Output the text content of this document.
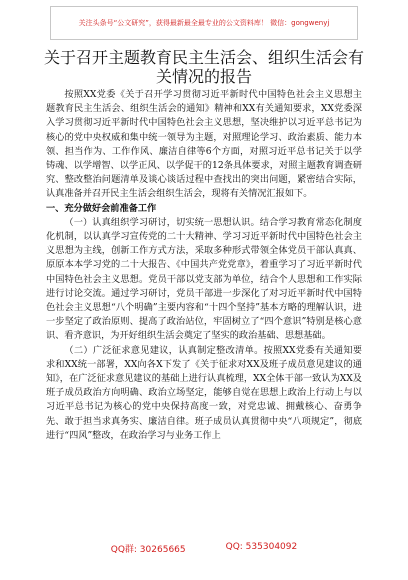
关注头条号“公文研究”，获得最新最全最专业的公文资料库！ 微信：gongwenyj
关于召开主题教育民主生活会、组织生活会有关情况的报告

按照XX党委《关于召开学习贯彻习近平新时代中国特色社会主义思想主题教育民主生活会、组织生活会的通知》精神和XX有关通知要求，XX党委深入学习贯彻习近平新时代中国特色社会主义思想，坚决维护以习近平总书记为核心的党中央权威和集中统一领导为主题，对照理论学习、政治素质、能力本领、担当作为、工作作风、廉洁自律等6个方面，对照习近平总书记关于以学铸魂、以学增智、以学正风、以学促干的12条具体要求，对照主题教育调查研究、整改整治问题清单及谈心谈话过程中查找出的突出问题，紧密结合实际，认真准备并召开民主生活会组织生活会，现将有关情况汇报如下。

一、充分做好会前准备工作

（一）认真组织学习研讨，切实统一思想认识。结合学习教育常态化制度化机制，以认真学习宣传党的二十大精神、学习习近平新时代中国特色社会主义思想为主线，创新工作方式方法，采取多种形式带领全体党员干部认真真、原原本本学习党的二十大报告、《中国共产党党章》，着重学习了习近平新时代中国特色社会主义思想。党员干部以党支部为单位，结合个人思想和工作实际进行讨论交流。通过学习研讨，党员干部进一步深化了对习近平新时代中国特色社会主义思想“八个明确”主要内容和“十四个坚持”基本方略的理解认识，进一步坚定了政治原则、提高了政治站位，牢固树立了“四个意识”特别是核心意识、看齐意识，为开好组织生活会奠定了坚实的政治基础、思想基础。

（二）广泛征求意见建议，认真制定整改清单。按照XX党委有关通知要求和XX统一部署，XX向各X下发了《关于征求对XX及班子成员意见建议的通知》，在广泛征求意见建议的基础上进行认真梳理，XX全体干部一致认为XX及班子成员政治方向明确、政治立场坚定，能够自觉在思想上政治上行动上与以习近平总书记为核心的党中央保持高度一致，对党忠诚、拥戴核心、奋勇争先、敢于担当求真务实、廉洁自律。班子成员认真贯彻中央“八项规定”，彻底进行“四风”整改，在政治学习与业务工作上

QQ群: 30265665	QQ: 535304092
